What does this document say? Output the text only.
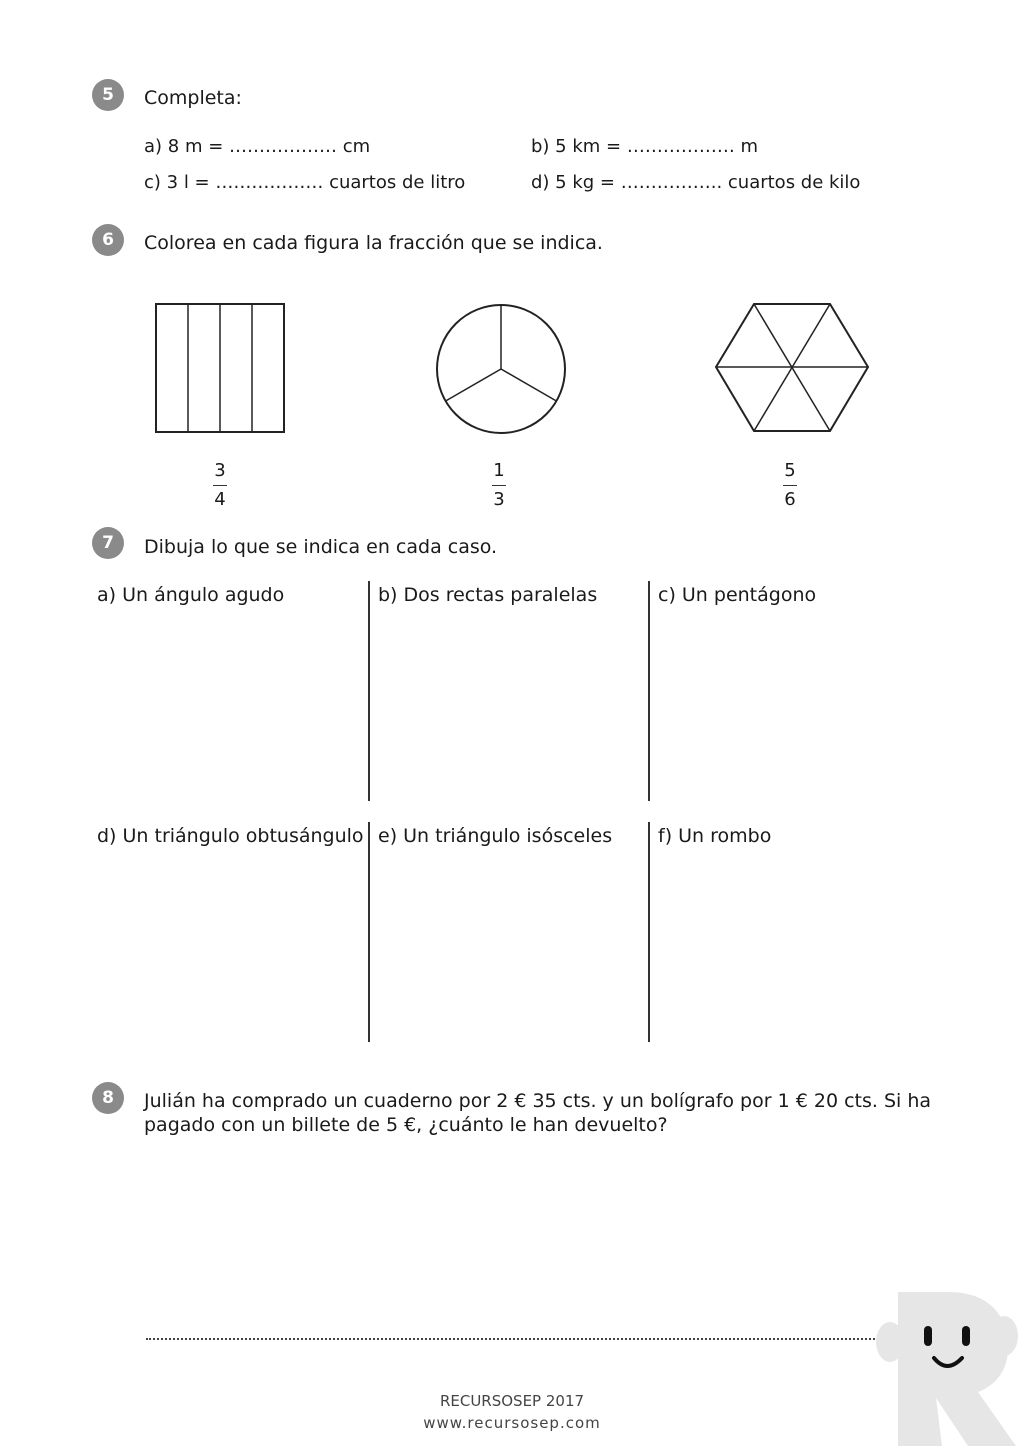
5	Completa:
a) 8 m = ……………… cm	b) 5 km = ……………… m
c) 3 l = ……………… cuartos de litro	d) 5 kg = …………….. cuartos de kilo
6	Colorea en cada figura la fracción que se indica.
3
4
1
3
5
6
7	Dibuja lo que se indica en cada caso.
a) Un ángulo agudo	b) Dos rectas paralelas	c) Un pentágono
d) Un triángulo obtusángulo e) Un triángulo isósceles f) Un rombo
8	Julián ha comprado un cuaderno por 2 € 35 cts. y un bolígrafo por 1 € 20 cts. Si ha
pagado con un billete de 5 €, ¿cuánto le han devuelto?
RECURSOSEP 2017
www.recursosep.com
